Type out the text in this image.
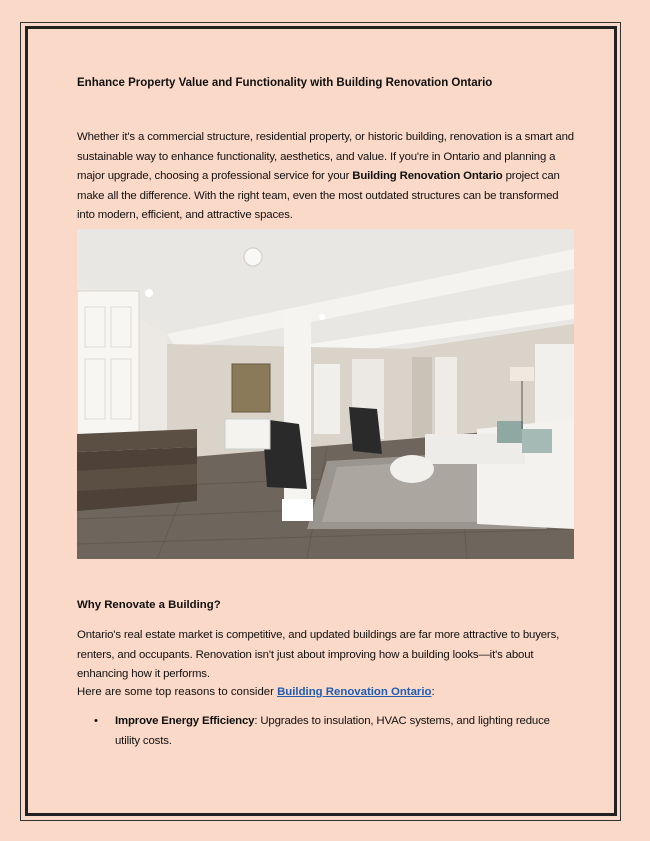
Enhance Property Value and Functionality with Building Renovation Ontario
Whether it's a commercial structure, residential property, or historic building, renovation is a smart and sustainable way to enhance functionality, aesthetics, and value. If you're in Ontario and planning a major upgrade, choosing a professional service for your Building Renovation Ontario project can make all the difference. With the right team, even the most outdated structures can be transformed into modern, efficient, and attractive spaces.
Why Renovate a Building?
Ontario's real estate market is competitive, and updated buildings are far more attractive to buyers, renters, and occupants. Renovation isn't just about improving how a building looks—it's about enhancing how it performs.
Here are some top reasons to consider Building Renovation Ontario:
• Improve Energy Efficiency: Upgrades to insulation, HVAC systems, and lighting reduce utility costs.
